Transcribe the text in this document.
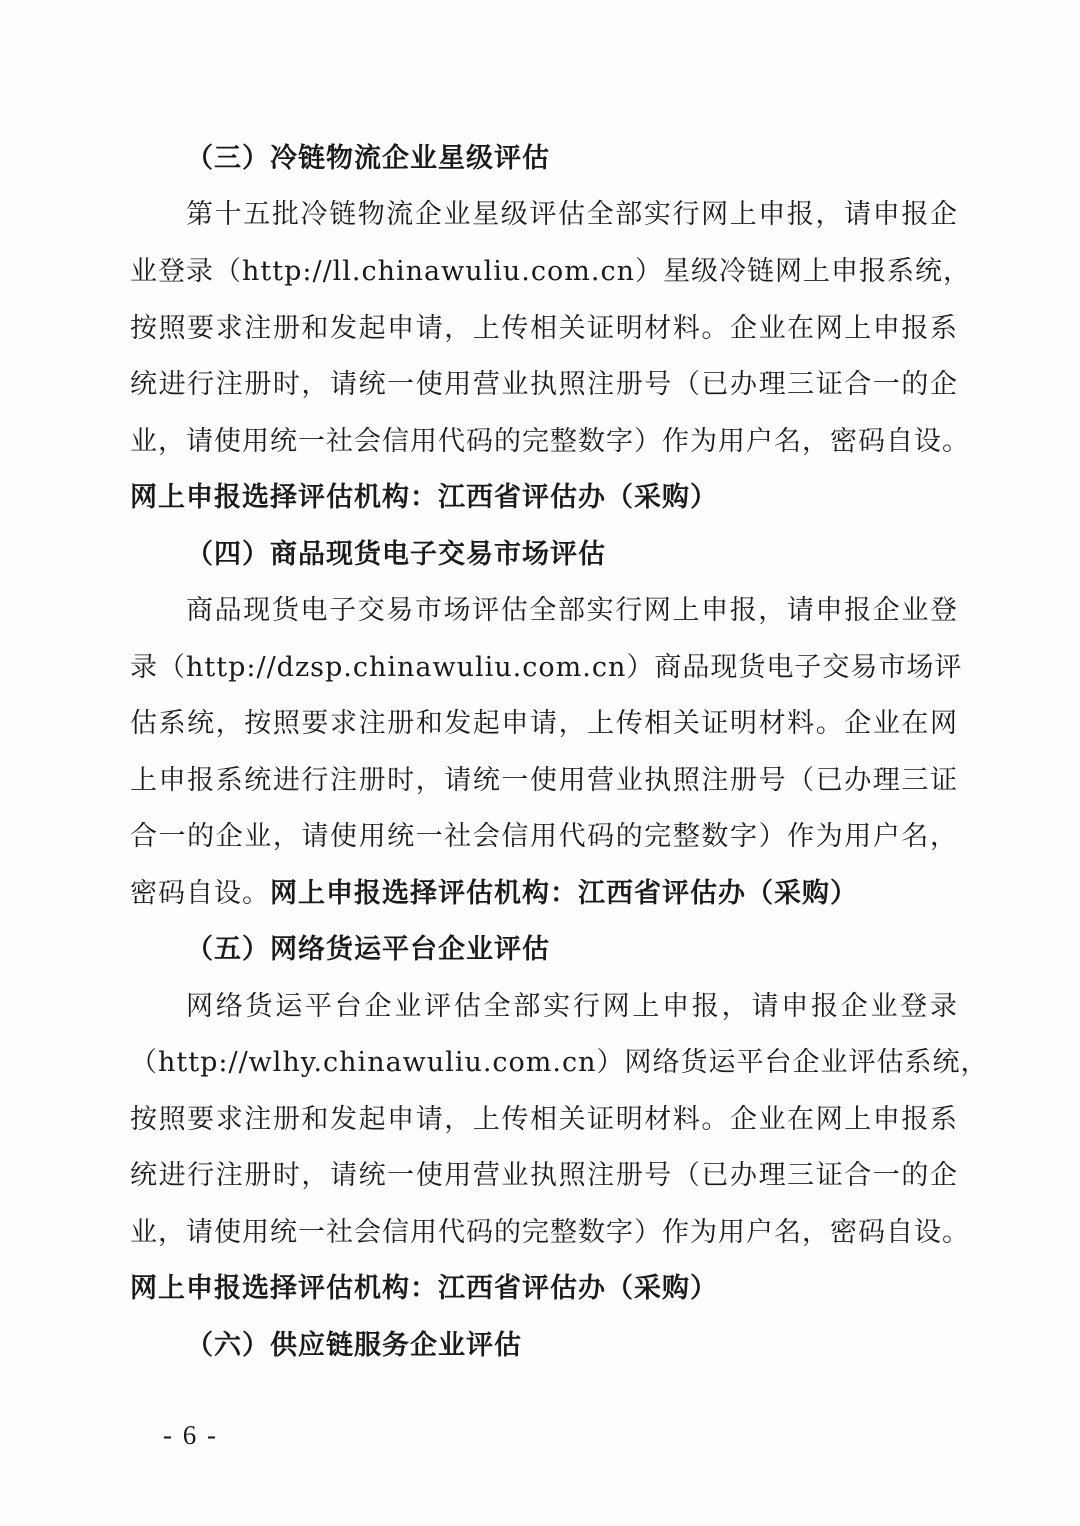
（三）冷链物流企业星级评估

第十五批冷链物流企业星级评估全部实行网上申报，请申报企

业登录（http://ll.chinawuliu.com.cn）星级冷链网上申报系统，

按照要求注册和发起申请，上传相关证明材料。企业在网上申报系

统进行注册时，请统一使用营业执照注册号（已办理三证合一的企

业，请使用统一社会信用代码的完整数字）作为用户名，密码自设。

网上申报选择评估机构：江西省评估办（采购）

（四）商品现货电子交易市场评估

商品现货电子交易市场评估全部实行网上申报，请申报企业登

录（http://dzsp.chinawuliu.com.cn）商品现货电子交易市场评

估系统，按照要求注册和发起申请，上传相关证明材料。企业在网

上申报系统进行注册时，请统一使用营业执照注册号（已办理三证

合一的企业，请使用统一社会信用代码的完整数字）作为用户名，

密码自设。网上申报选择评估机构：江西省评估办（采购）

（五）网络货运平台企业评估

网络货运平台企业评估全部实行网上申报，请申报企业登录

（http://wlhy.chinawuliu.com.cn）网络货运平台企业评估系统，

按照要求注册和发起申请，上传相关证明材料。企业在网上申报系

统进行注册时，请统一使用营业执照注册号（已办理三证合一的企

业，请使用统一社会信用代码的完整数字）作为用户名，密码自设。

网上申报选择评估机构：江西省评估办（采购）

（六）供应链服务企业评估

- 6 -
